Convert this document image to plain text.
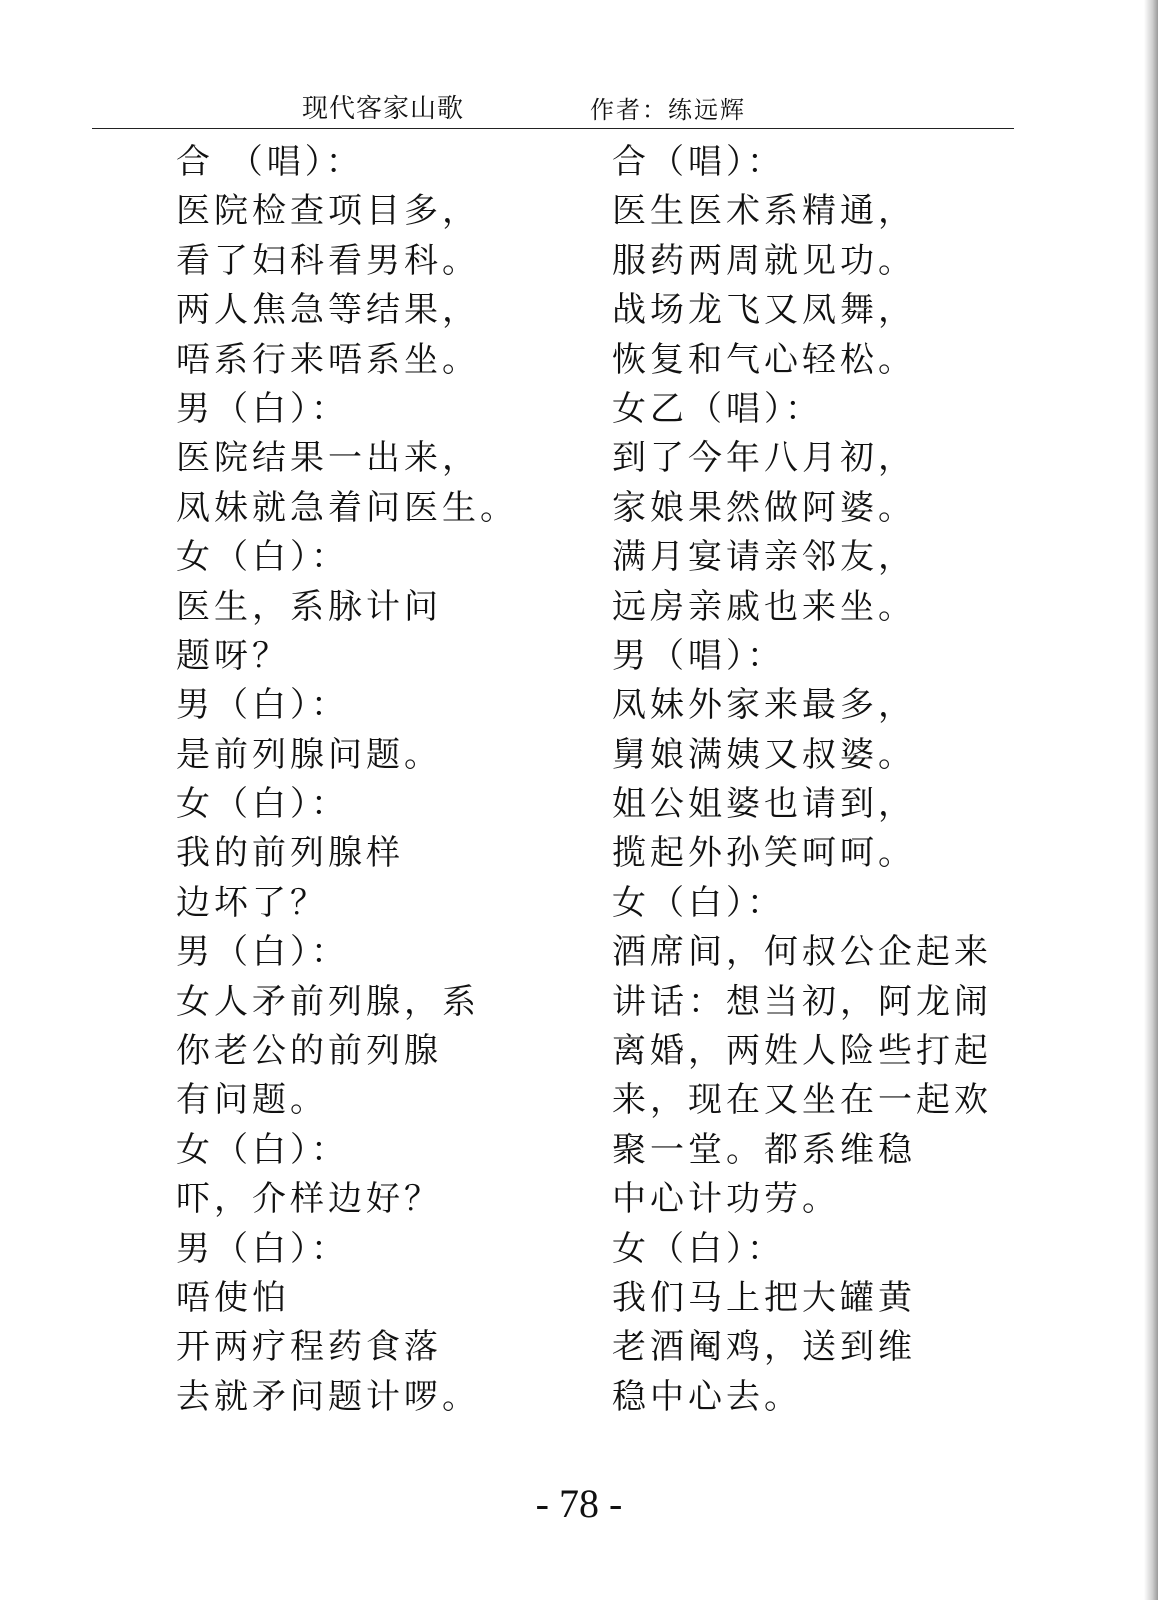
现代客家山歌	作者：练远辉
合 （唱）：
医院检查项目多，
看了妇科看男科。
两人焦急等结果，
唔系行来唔系坐。
男（白）：
医院结果一出来，
凤妹就急着问医生。
女（白）：
医生，系脉计问
题呀？
男（白）：
是前列腺问题。
女（白）：
我的前列腺样
边坏了？
男（白）：
女人矛前列腺，系
你老公的前列腺
有问题。
女（白）：
吓，介样边好？
男（白）：
唔使怕
开两疗程药食落
去就矛问题计啰。
合（唱）：
医生医术系精通，
服药两周就见功。
战场龙飞又凤舞，
恢复和气心轻松。
女乙（唱）：
到了今年八月初，
家娘果然做阿婆。
满月宴请亲邻友，
远房亲戚也来坐。
男（唱）：
凤妹外家来最多，
舅娘满姨又叔婆。
姐公姐婆也请到，
揽起外孙笑呵呵。
女（白）：
酒席间，何叔公企起来
讲话：想当初，阿龙闹
离婚，两姓人险些打起
来，现在又坐在一起欢
聚一堂。都系维稳
中心计功劳。
女（白）：
我们马上把大罐黄
老酒阉鸡，送到维
稳中心去。
- 78 -
